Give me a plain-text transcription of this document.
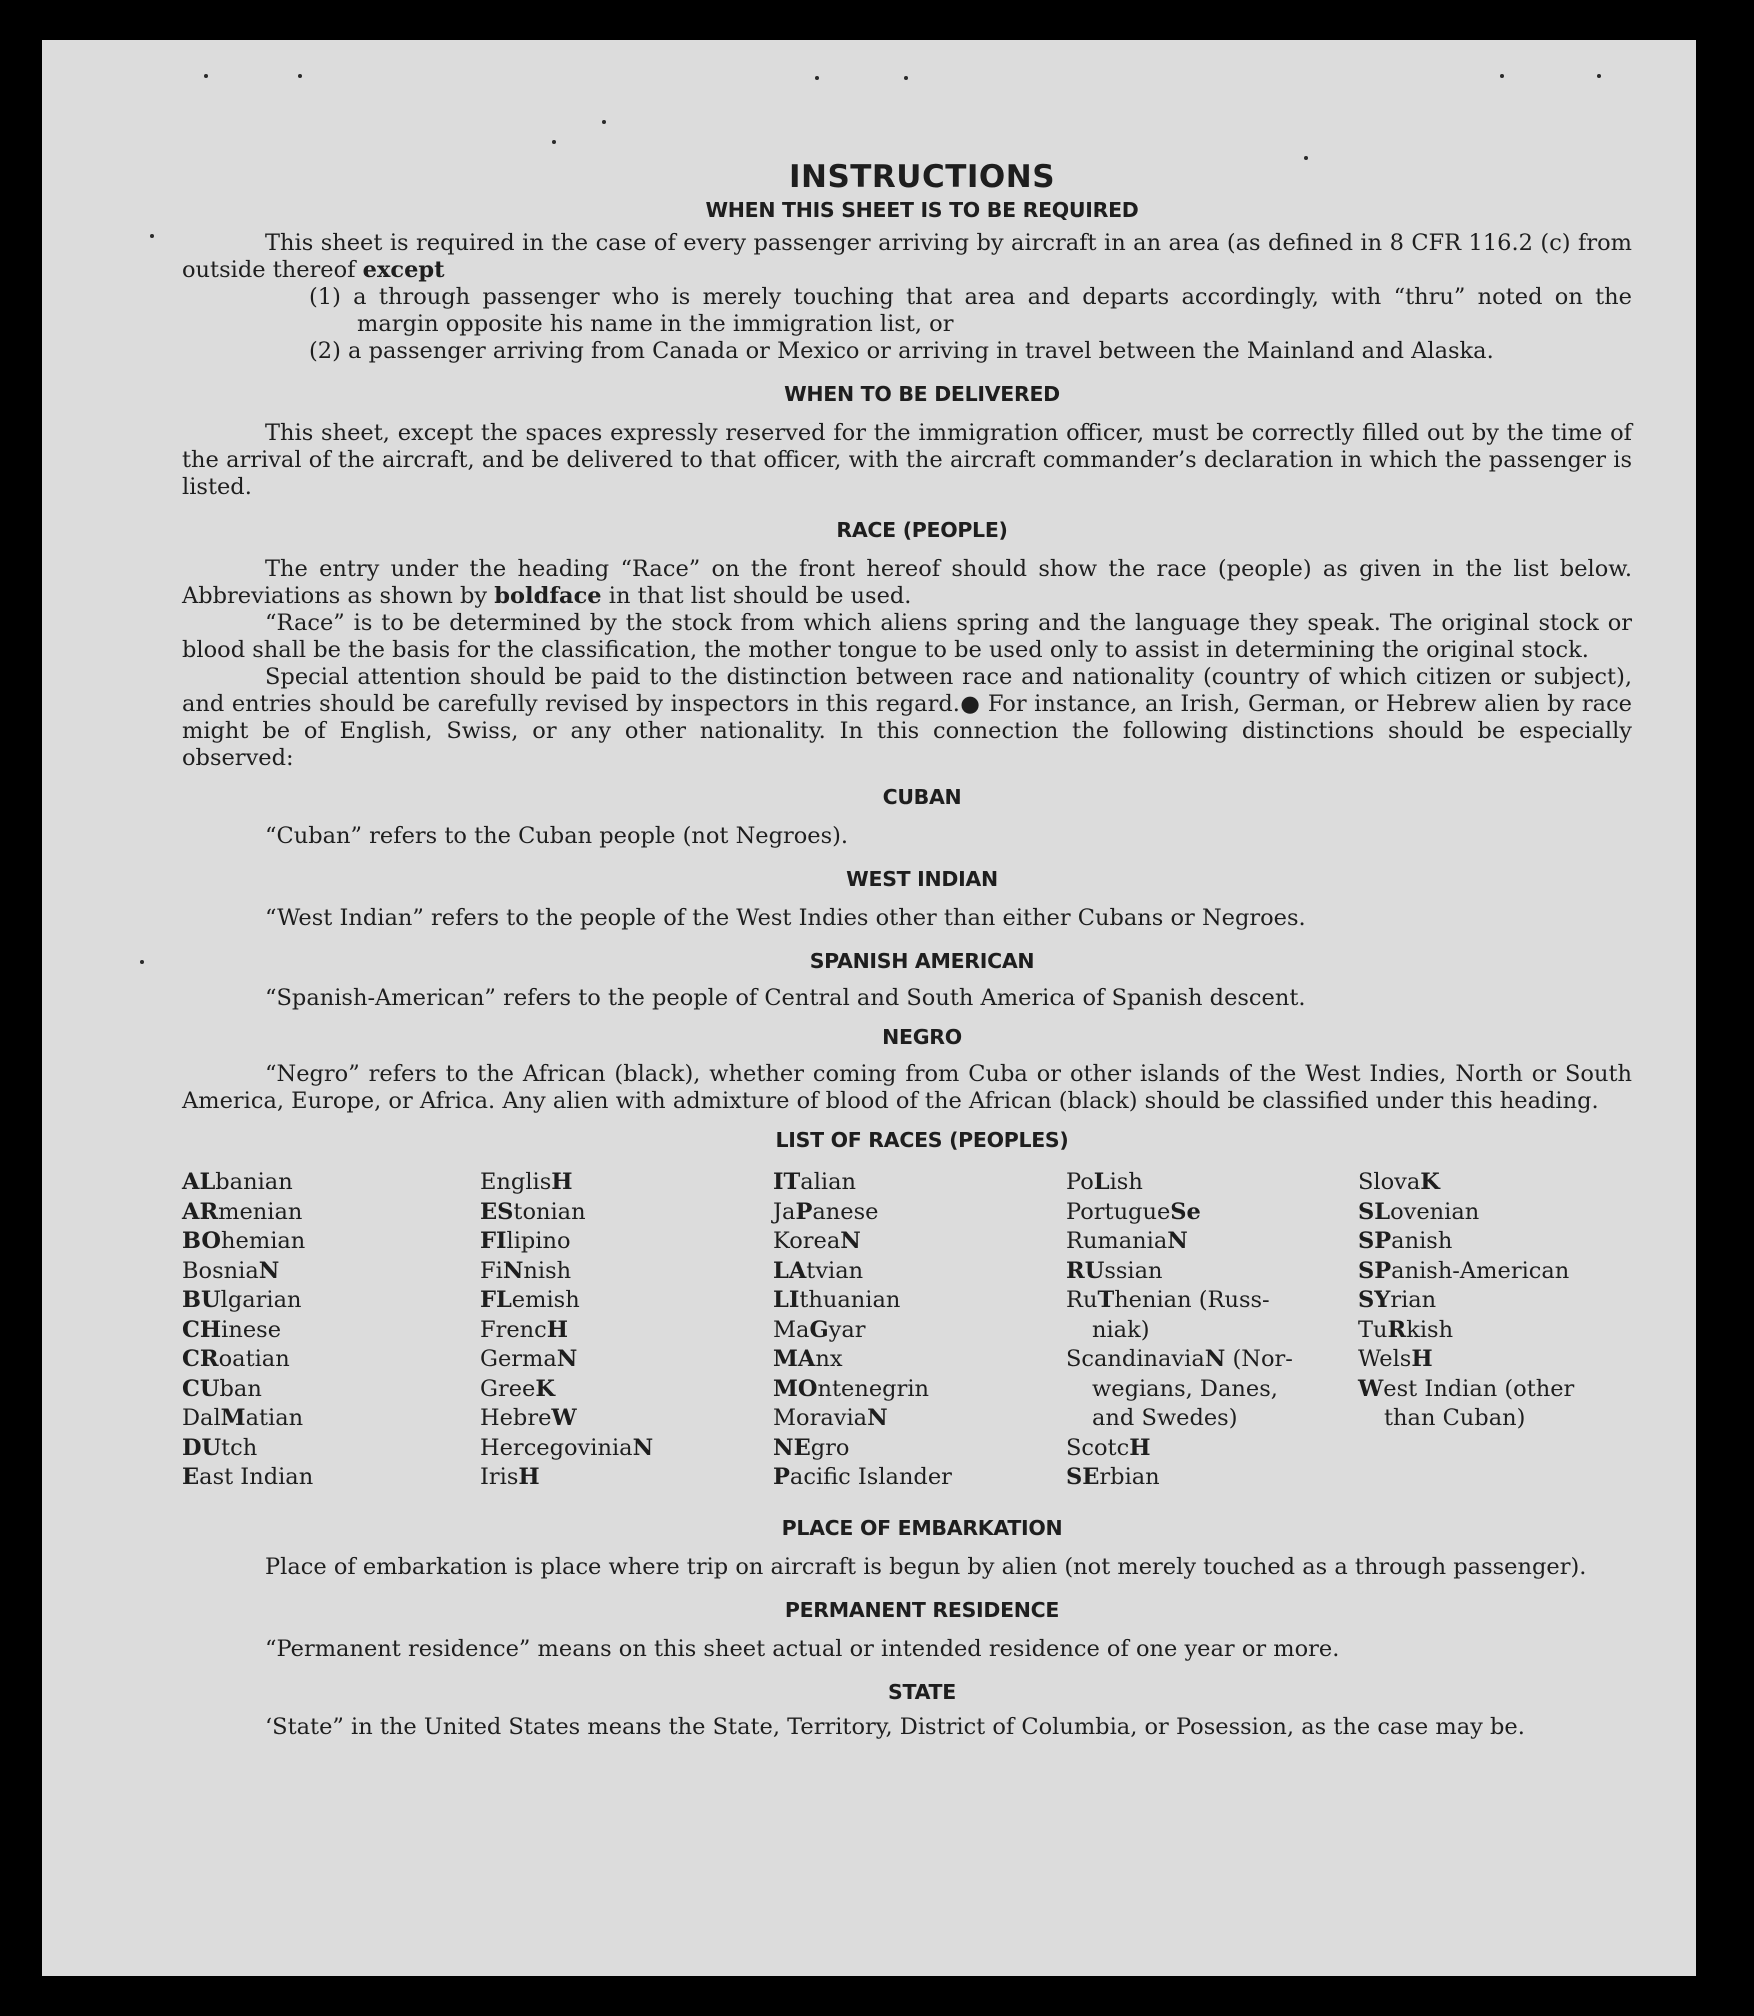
INSTRUCTIONS
WHEN THIS SHEET IS TO BE REQUIRED

This sheet is required in the case of every passenger arriving by aircraft in an area (as defined in 8 CFR 116.2 (c) from outside thereof except

(1) a through passenger who is merely touching that area and departs accordingly, with “thru” noted on the margin opposite his name in the immigration list, or

(2) a passenger arriving from Canada or Mexico or arriving in travel between the Mainland and Alaska.

WHEN TO BE DELIVERED

This sheet, except the spaces expressly reserved for the immigration officer, must be correctly filled out by the time of the arrival of the aircraft, and be delivered to that officer, with the aircraft commander’s declaration in which the passenger is listed.

RACE (PEOPLE)

The entry under the heading “Race” on the front hereof should show the race (people) as given in the list below. Abbreviations as shown by boldface in that list should be used.

“Race” is to be determined by the stock from which aliens spring and the language they speak. The original stock or blood shall be the basis for the classification, the mother tongue to be used only to assist in determining the original stock.

Special attention should be paid to the distinction between race and nationality (country of which citizen or subject), and entries should be carefully revised by inspectors in this regard.● For instance, an Irish, German, or Hebrew alien by race might be of English, Swiss, or any other nationality. In this connection the following distinctions should be especially observed:

CUBAN

“Cuban” refers to the Cuban people (not Negroes).

WEST INDIAN

“West Indian” refers to the people of the West Indies other than either Cubans or Negroes.

SPANISH AMERICAN

“Spanish-American” refers to the people of Central and South America of Spanish descent.

NEGRO

“Negro” refers to the African (black), whether coming from Cuba or other islands of the West Indies, North or South America, Europe, or Africa. Any alien with admixture of blood of the African (black) should be classified under this heading.

LIST OF RACES (PEOPLES)
ALbanian
ARmenian
BOhemian
BosniaN
BUlgarian
CHinese
CRoatian
CUban
DalMatian
DUtch
East Indian
EnglisH
EStonian
FIlipino
FiNnish
FLemish
FrencH
GermaN
GreeK
HebreW
HercegoviniaN
IrisH
ITalian
JaPanese
KoreaN
LAtvian
LIthuanian
MaGyar
MAnx
MOntenegrin
MoraviaN
NEgro
Pacific Islander
PoLish
PortugueSe
RumaniaN
RUssian
RuThenian (Russ-
niak)
ScandinaviaN (Nor-
wegians, Danes,
and Swedes)
ScotcH
SErbian
SlovaK
SLovenian
SPanish
SPanish-American
SYrian
TuRkish
WelsH
West Indian (other
than Cuban)
PLACE OF EMBARKATION

Place of embarkation is place where trip on aircraft is begun by alien (not merely touched as a through passenger).

PERMANENT RESIDENCE

“Permanent residence” means on this sheet actual or intended residence of one year or more.

STATE

‘State” in the United States means the State, Territory, District of Columbia, or Posession, as the case may be.
